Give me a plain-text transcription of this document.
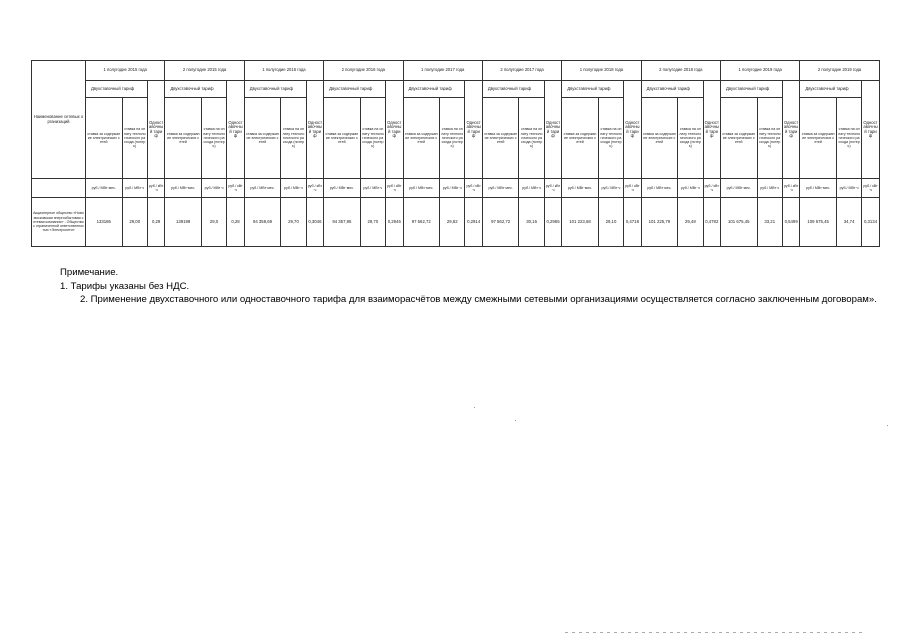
Наименование сетевых организаций	1 полугодие 2015 года			2 полугодие 2015 года			1 полугодие 2016 года			2 полугодие 2016 года			1 полугодие 2017 года			2 полугодие 2017 года			1 полугодие 2018 года			2 полугодие 2018 года			1 полугодие 2019 года			2 полугодие 2019 года		
	Двухставочный тариф		Одноставочный тариф	Двухставочный тариф		Одноставочный тариф	Двухставочный тариф		Одноставочный тариф	Двухставочный тариф		Одноставочный тариф	Двухставочный тариф		Одноставочный тариф	Двухставочный тариф		Одноставочный тариф	Двухставочный тариф		Одноставочный тариф	Двухставочный тариф		Одноставочный тариф	Двухставочный тариф		Одноставочный тариф	Двухставочный тариф		Одноставочный тариф
	ставка за содержание электрических сетей	ставка на оплату технологического расхода (потерь)		ставка за содержание электрических сетей	ставка на оплату технологического расхода (потерь)		ставка за содержание электрических сетей	ставка на оплату технологического расхода (потерь)		ставка за содержание электрических сетей	ставка на оплату технологического расхода (потерь)		ставка за содержание электрических сетей	ставка на оплату технологического расхода (потерь)		ставка за содержание электрических сетей	ставка на оплату технологического расхода (потерь)		ставка за содержание электрических сетей	ставка на оплату технологического расхода (потерь)		ставка за содержание электрических сетей	ставка на оплату технологического расхода (потерь)		ставка за содержание электрических сетей	ставка на оплату технологического расхода (потерь)		ставка за содержание электрических сетей	ставка на оплату технологического расхода (потерь)	
	руб./ МВт·мес.	руб./ МВт·ч	руб./ кВт·ч	руб./ МВт·мес.	руб./ МВт·ч	руб./ кВт·ч	руб./ МВт·мес.	руб./ МВт·ч	руб./ кВт·ч	руб./ МВт·мес.	руб./ МВт·ч	руб./ кВт·ч	руб./ МВт·мес.	руб./ МВт·ч	руб./ кВт·ч	руб./ МВт·мес.	руб./ МВт·ч	руб./ кВт·ч	руб./ МВт·мес.	руб./ МВт·ч	руб./ кВт·ч	руб./ МВт·мес.	руб./ МВт·ч	руб./ кВт·ч	руб./ МВт·мес.	руб./ МВт·ч	руб./ кВт·ч	руб./ МВт·мес.	руб./ МВт·ч	руб./ кВт·ч
Акционерное общество «Новомосковская энергосбытовая сетевая компания» - Общество с ограниченной ответственностью «Электросети»	133186	29,00	0,29	139199	29,0	0,28	94 358,69	29,70	0,3046	94 357,95	29,70	0,2946	97 562,72	29,82	0,2914	97 562,72	30,16	0,2965	101 223,68	29,10	0,4718	101 225,79	29,48	0,4782	101 675,45	33,21	0,5499	109 675,45	34,74	0,3134

Примечание.

1. Тарифы указаны без НДС.

2. Применение двухставочного или одноставочного тарифа для взаиморасчётов между смежными сетевыми организациями осуществляется согласно заключенным договорам».
